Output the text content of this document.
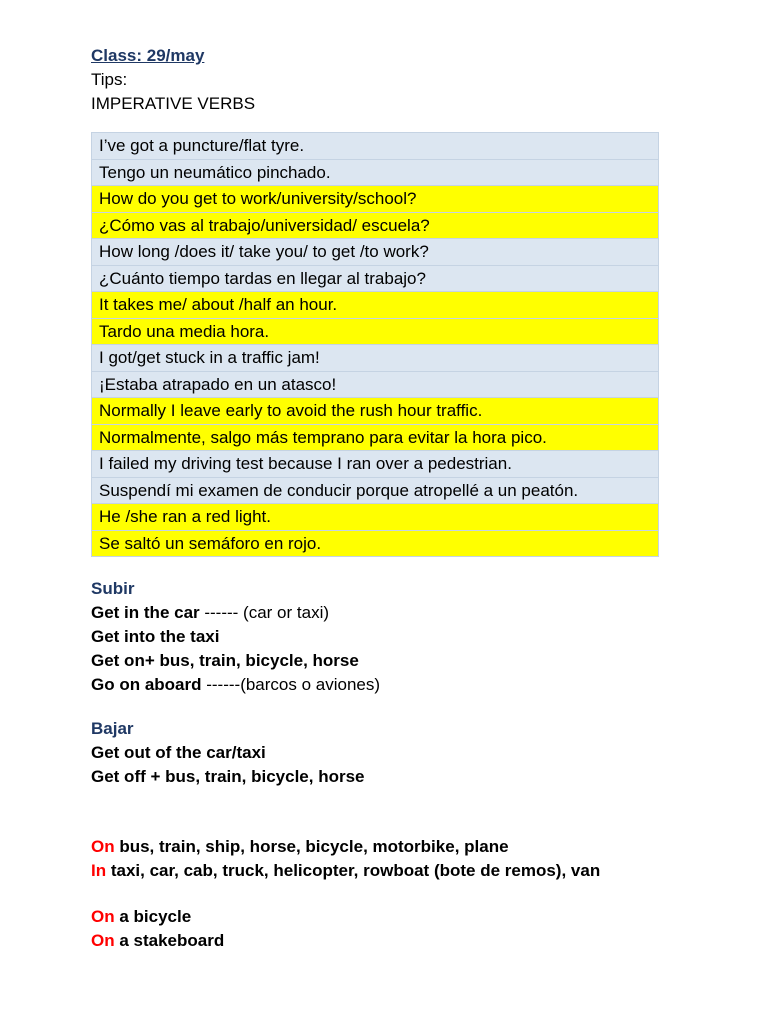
Class: 29/may

Tips:

IMPERATIVE VERBS

I’ve got a puncture/flat tyre.
Tengo un neumático pinchado.
How do you get to work/university/school?
¿Cómo vas al trabajo/universidad/ escuela?
How long /does it/ take you/ to get /to work?
¿Cuánto tiempo tardas en llegar al trabajo?
It takes me/ about /half an hour.
Tardo una media hora.
I got/get stuck in a traffic jam!
¡Estaba atrapado en un atasco!
Normally I leave early to avoid the rush hour traffic.
Normalmente, salgo más temprano para evitar la hora pico.
I failed my driving test because I ran over a pedestrian.
Suspendí mi examen de conducir porque atropellé a un peatón.
He /she ran a red light.
Se saltó un semáforo en rojo.

Subir

Get in the car ------ (car or taxi)
Get into the taxi
Get on+ bus, train, bicycle, horse
Go on aboard ------(barcos o aviones)

Bajar

Get out of the car/taxi
Get off + bus, train, bicycle, horse
On bus, train, ship, horse, bicycle, motorbike, plane
In taxi, car, cab, truck, helicopter, rowboat (bote de remos), van
On a bicycle
On a stakeboard
